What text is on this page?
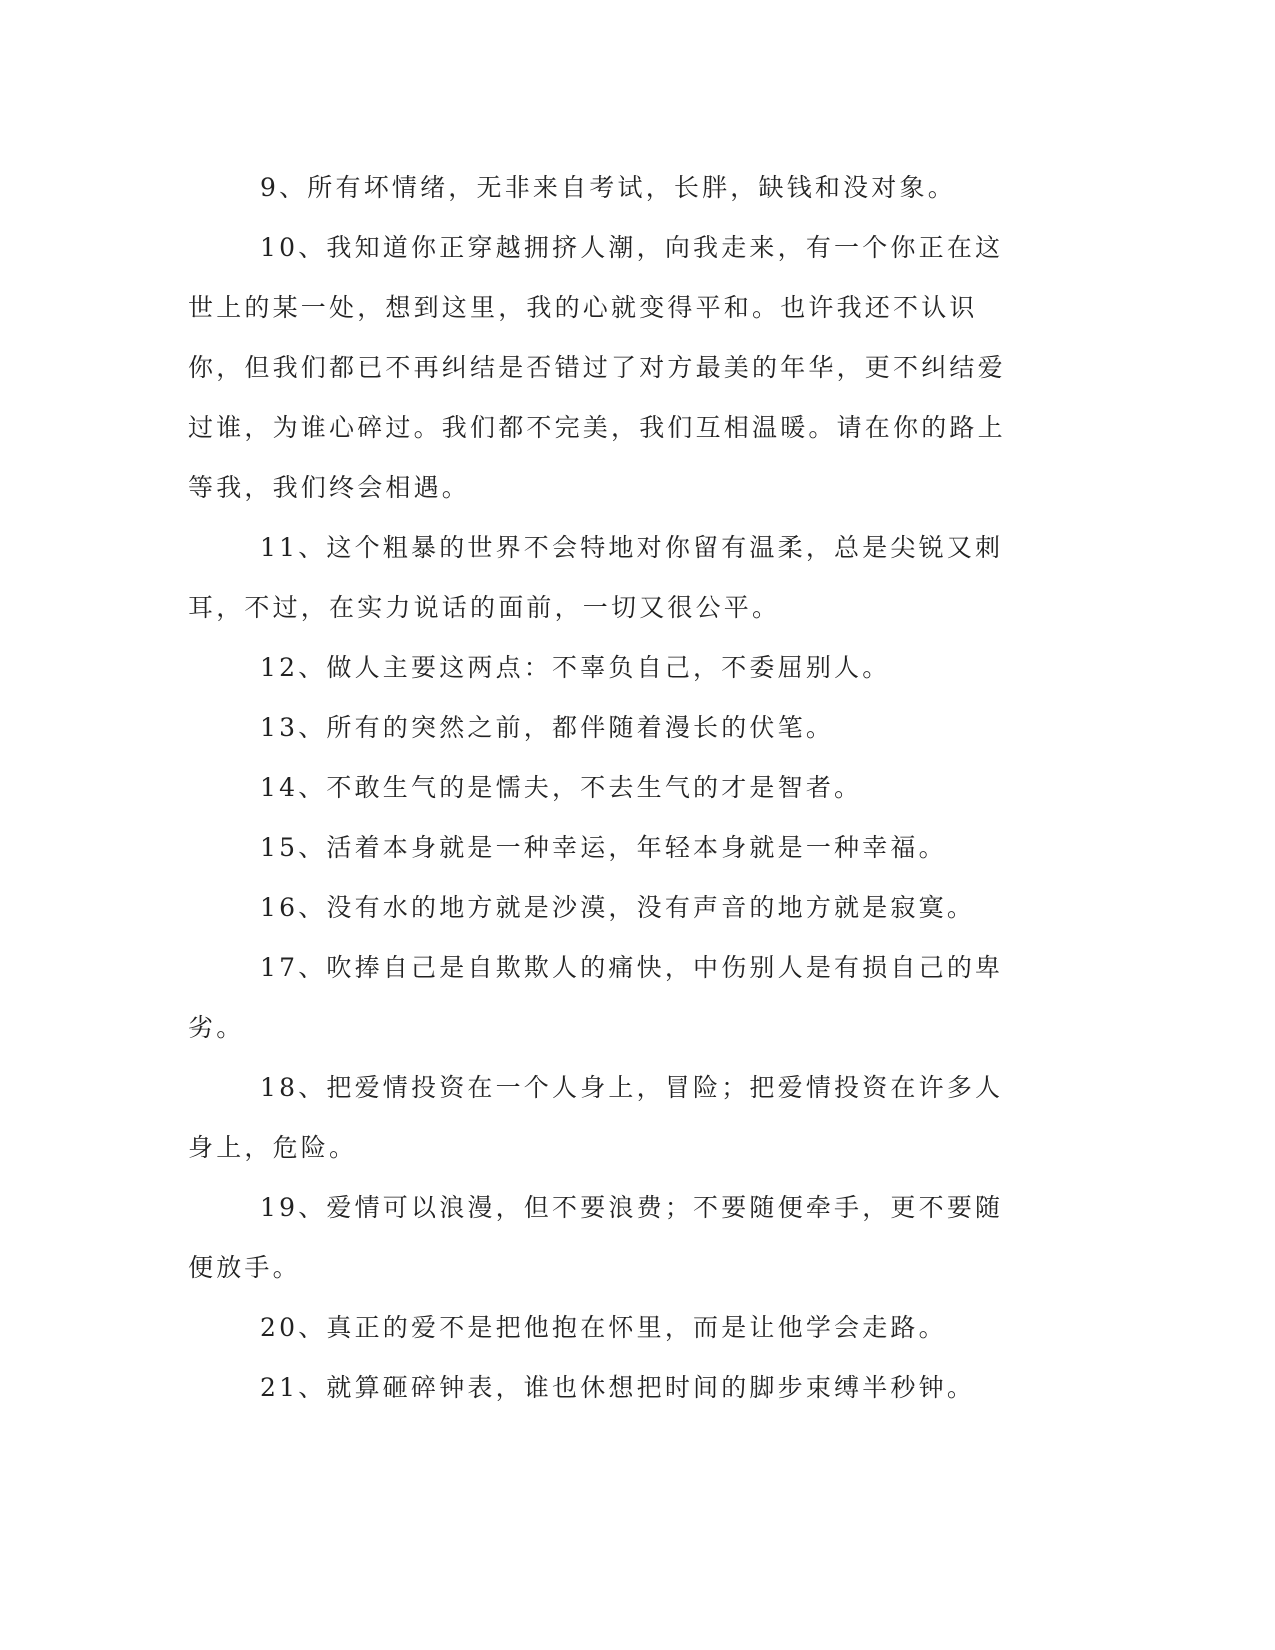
9、所有坏情绪，无非来自考试，长胖，缺钱和没对象。

10、我知道你正穿越拥挤人潮，向我走来，有一个你正在这世上的某一处，想到这里，我的心就变得平和。也许我还不认识你，但我们都已不再纠结是否错过了对方最美的年华，更不纠结爱过谁，为谁心碎过。我们都不完美，我们互相温暖。请在你的路上等我，我们终会相遇。

11、这个粗暴的世界不会特地对你留有温柔，总是尖锐又刺耳，不过，在实力说话的面前，一切又很公平。

12、做人主要这两点：不辜负自己，不委屈别人。

13、所有的突然之前，都伴随着漫长的伏笔。

14、不敢生气的是懦夫，不去生气的才是智者。

15、活着本身就是一种幸运，年轻本身就是一种幸福。

16、没有水的地方就是沙漠，没有声音的地方就是寂寞。

17、吹捧自己是自欺欺人的痛快，中伤别人是有损自己的卑劣。

18、把爱情投资在一个人身上，冒险；把爱情投资在许多人身上，危险。

19、爱情可以浪漫，但不要浪费；不要随便牵手，更不要随便放手。

20、真正的爱不是把他抱在怀里，而是让他学会走路。

21、就算砸碎钟表，谁也休想把时间的脚步束缚半秒钟。
